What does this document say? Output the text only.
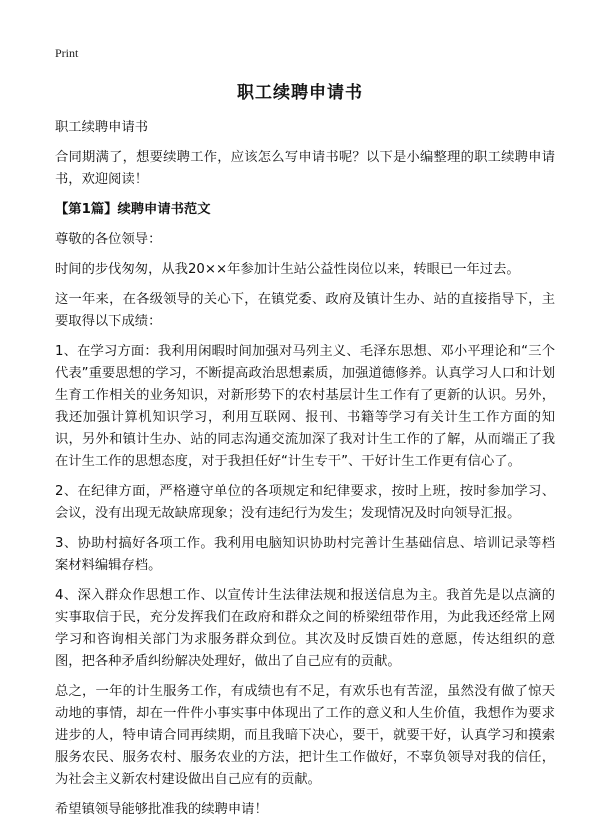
Print
职工续聘申请书

职工续聘申请书

合同期满了，想要续聘工作，应该怎么写申请书呢？以下是小编整理的职工续聘申请书，欢迎阅读！

【第1篇】续聘申请书范文

尊敬的各位领导：

时间的步伐匆匆，从我20××年参加计生站公益性岗位以来，转眼已一年过去。

这一年来，在各级领导的关心下，在镇党委、政府及镇计生办、站的直接指导下，主要取得以下成绩：

1、在学习方面：我利用闲暇时间加强对马列主义、毛泽东思想、邓小平理论和“三个代表”重要思想的学习，不断提高政治思想素质，加强道德修养。认真学习人口和计划生育工作相关的业务知识，对新形势下的农村基层计生工作有了更新的认识。另外，我还加强计算机知识学习，利用互联网、报刊、书籍等学习有关计生工作方面的知识，另外和镇计生办、站的同志沟通交流加深了我对计生工作的了解，从而端正了我在计生工作的思想态度，对于我担任好“计生专干”、干好计生工作更有信心了。

2、在纪律方面，严格遵守单位的各项规定和纪律要求，按时上班，按时参加学习、会议，没有出现无故缺席现象；没有违纪行为发生；发现情况及时向领导汇报。

3、协助村搞好各项工作。我利用电脑知识协助村完善计生基础信息、培训记录等档案材料编辑存档。

4、深入群众作思想工作、以宣传计生法律法规和报送信息为主。我首先是以点滴的实事取信于民，充分发挥我们在政府和群众之间的桥梁纽带作用，为此我还经常上网学习和咨询相关部门为求服务群众到位。其次及时反馈百姓的意愿，传达组织的意图，把各种矛盾纠纷解决处理好，做出了自己应有的贡献。

总之，一年的计生服务工作，有成绩也有不足，有欢乐也有苦涩，虽然没有做了惊天动地的事情，却在一件件小事实事中体现出了工作的意义和人生价值，我想作为要求进步的人，特申请合同再续期，而且我暗下决心，要干，就要干好，认真学习和摸索服务农民、服务农村、服务农业的方法，把计生工作做好，不辜负领导对我的信任，为社会主义新农村建设做出自己应有的贡献。

希望镇领导能够批准我的续聘申请！
